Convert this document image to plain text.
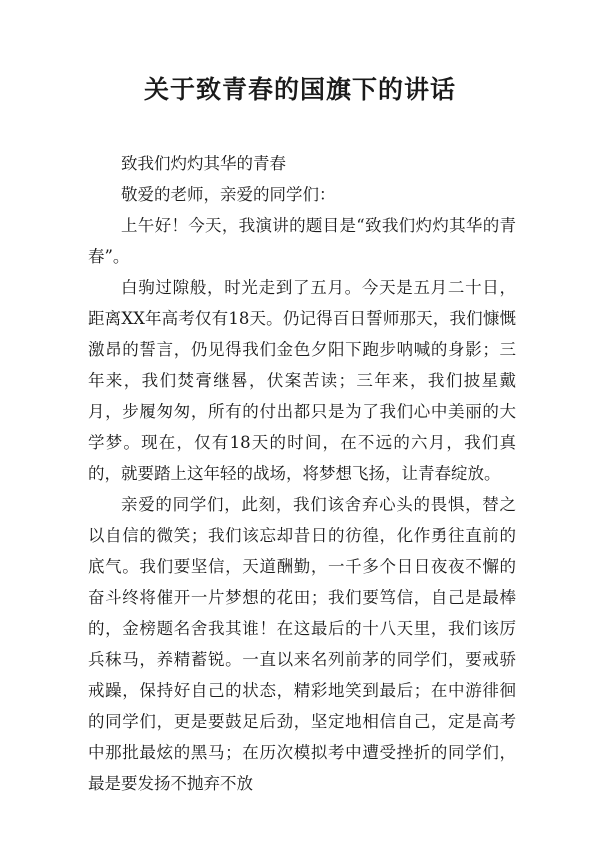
关于致青春的国旗下的讲话

致我们灼灼其华的青春

敬爱的老师，亲爱的同学们：

上午好！今天，我演讲的题目是“致我们灼灼其华的青春”。

白驹过隙般，时光走到了五月。今天是五月二十日，距离XX年高考仅有18天。仍记得百日誓师那天，我们慷慨激昂的誓言，仍见得我们金色夕阳下跑步呐喊的身影；三年来，我们焚膏继晷，伏案苦读；三年来，我们披星戴月，步履匆匆，所有的付出都只是为了我们心中美丽的大学梦。现在，仅有18天的时间，在不远的六月，我们真的，就要踏上这年轻的战场，将梦想飞扬，让青春绽放。

亲爱的同学们，此刻，我们该舍弃心头的畏惧，替之以自信的微笑；我们该忘却昔日的彷徨，化作勇往直前的底气。我们要坚信，天道酬勤，一千多个日日夜夜不懈的奋斗终将催开一片梦想的花田；我们要笃信，自己是最棒的，金榜题名舍我其谁！在这最后的十八天里，我们该厉兵秣马，养精蓄锐。一直以来名列前茅的同学们，要戒骄戒躁，保持好自己的状态，精彩地笑到最后；在中游徘徊的同学们，更是要鼓足后劲，坚定地相信自己，定是高考中那批最炫的黑马；在历次模拟考中遭受挫折的同学们，最是要发扬不抛弃不放
